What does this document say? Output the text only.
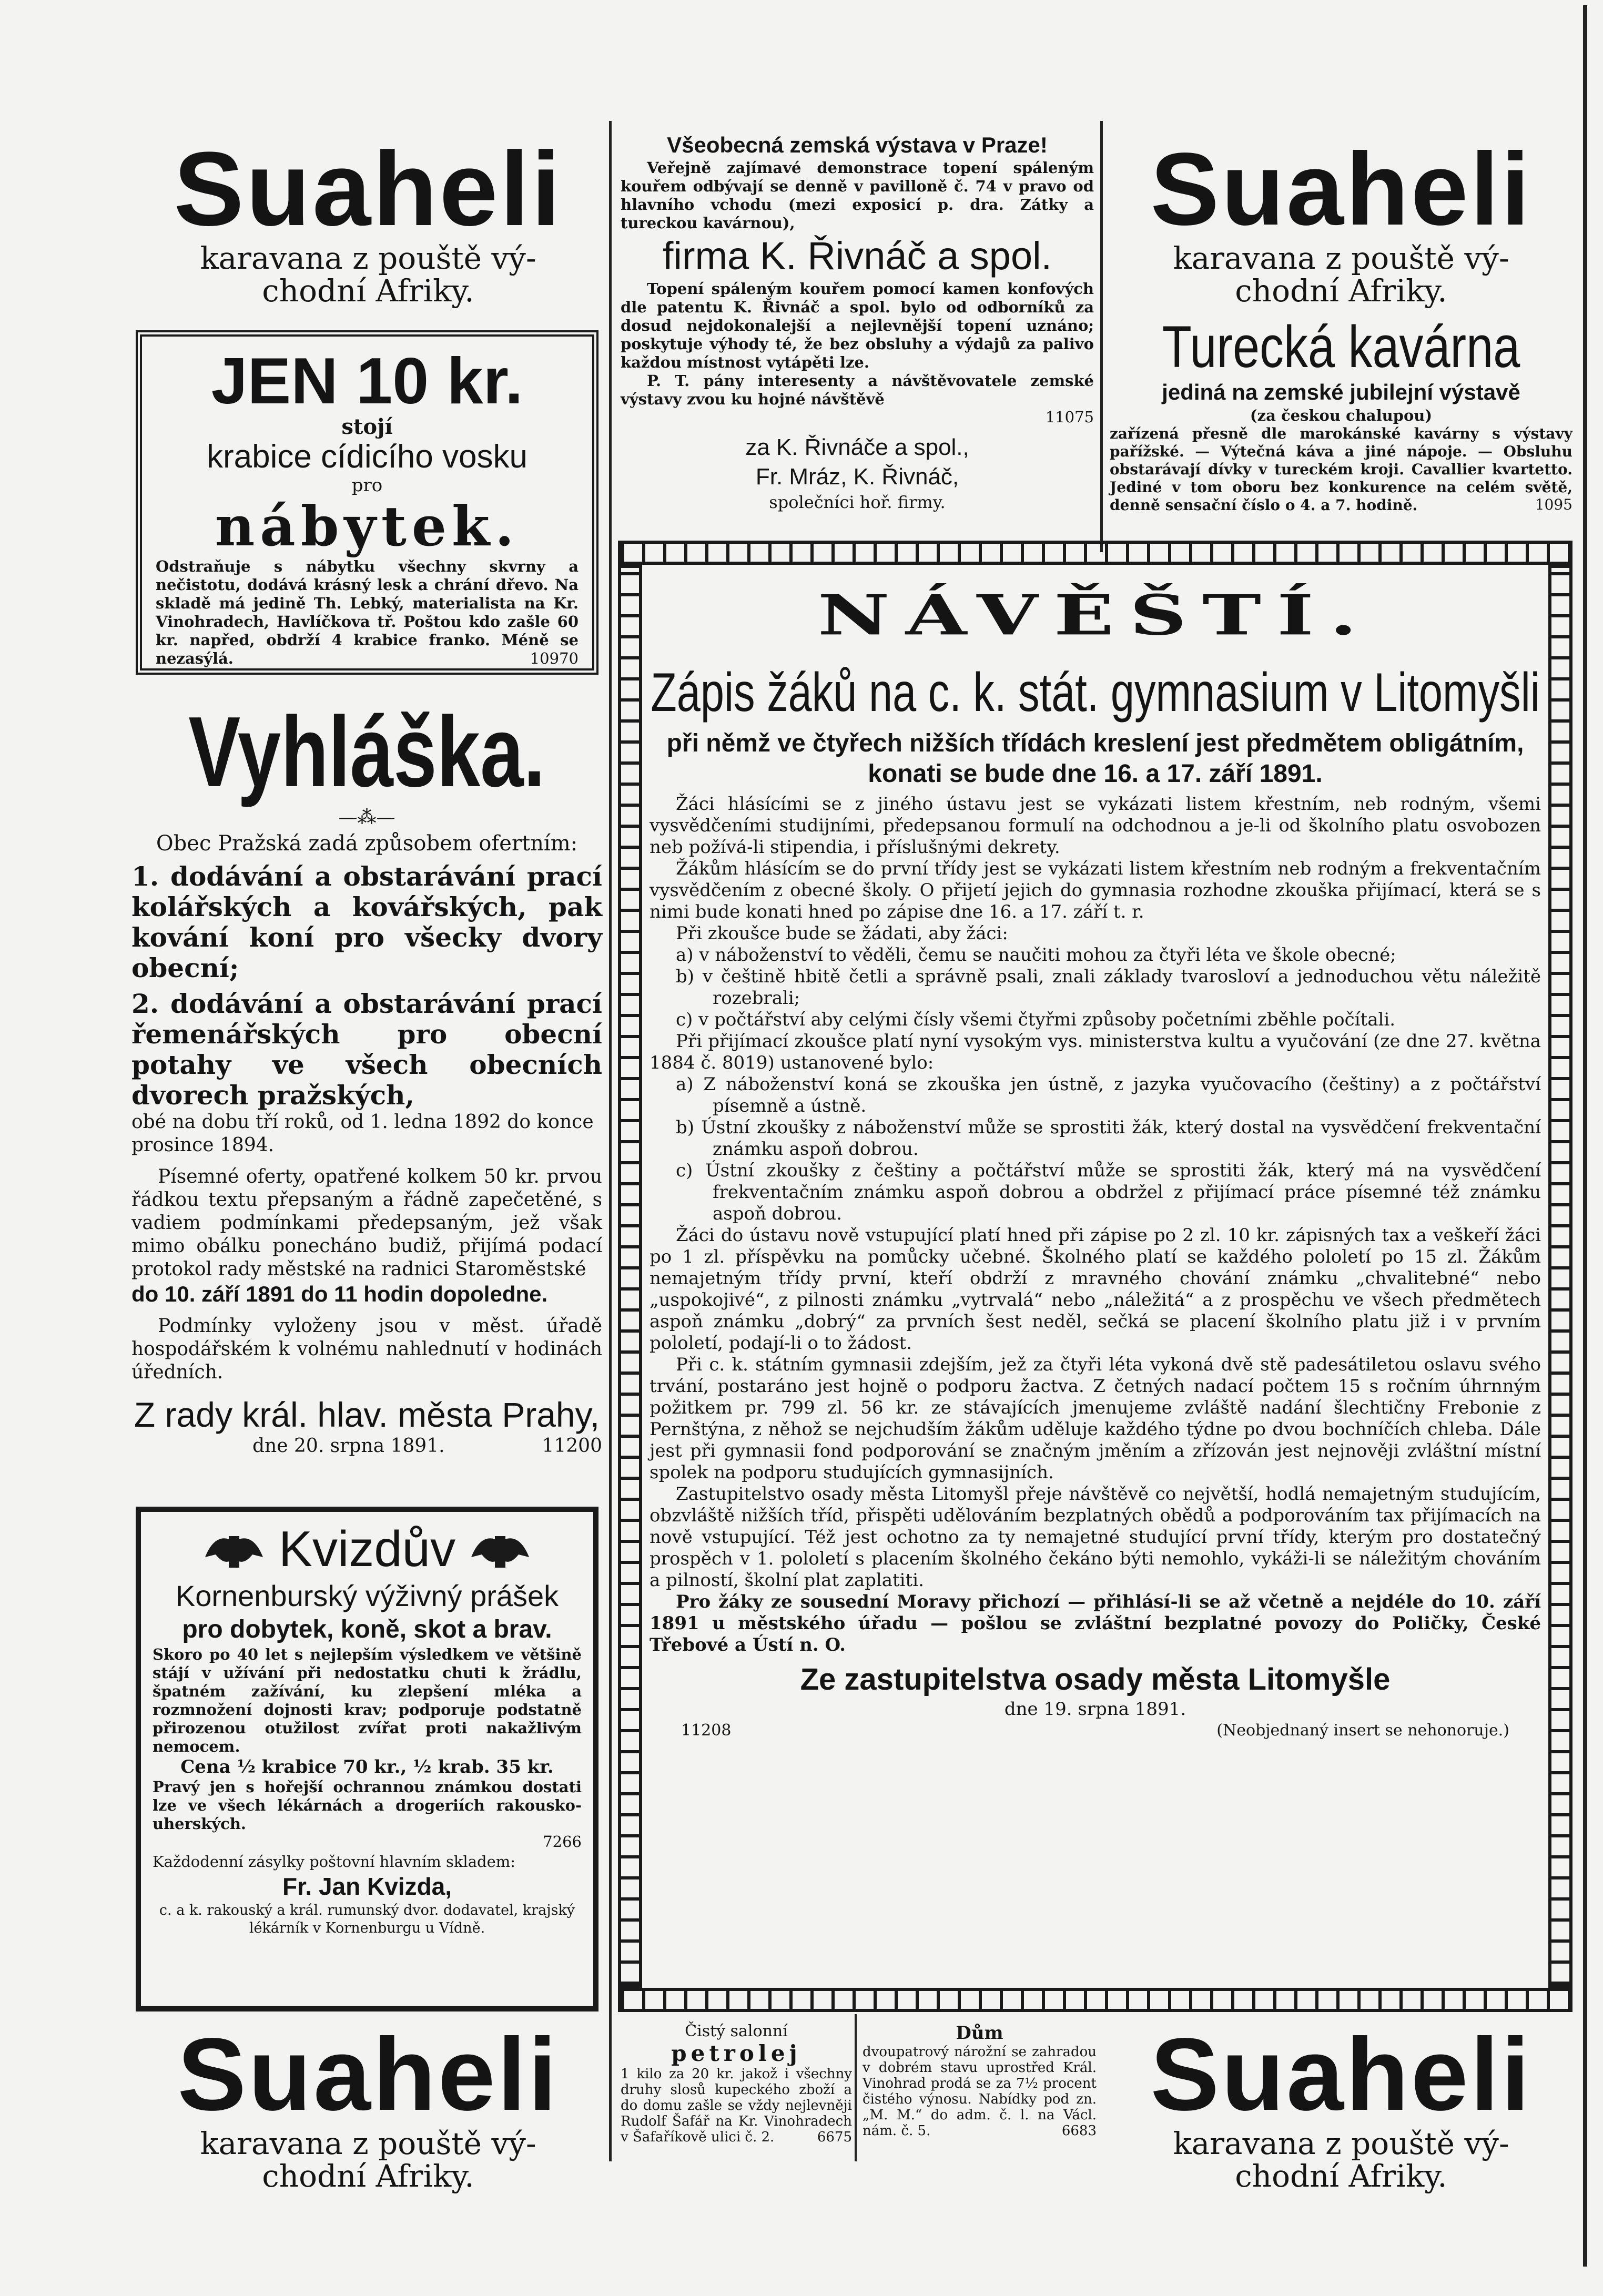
Suaheli
karavana z pouště vý-
chodní Afriky.
JEN 10 kr.
stojí
krabice cídicího vosku
pro
nábytek.
Odstraňuje s nábytku všechny skvrny a nečistotu, dodává krásný lesk a chrání dřevo. Na skladě má jedině Th. Lebký, materialista na Kr. Vinohradech, Havlíčkova tř. Poštou kdo zašle 60 kr. napřed, obdrží 4 krabice franko. Méně se nezasýlá.	10970
Vyhláška.
—⁂—
Obec Pražská zadá způsobem ofertním:
1. dodávání a obstarávání prací kolářských a kovářských, pak kování koní pro všecky dvory obecní;
2. dodávání a obstarávání prací řemenářských pro obecní potahy ve všech obecních dvorech pražských,
obé na dobu tří roků, od 1. ledna 1892 do konce prosince 1894.
Písemné oferty, opatřené kolkem 50 kr. prvou řádkou textu přepsaným a řádně zapečetěné, s vadiem podmínkami předepsaným, jež však mimo obálku ponecháno budiž, přijímá podací protokol rady městské na radnici Staroměstské
do 10. září 1891 do 11 hodin dopoledne.
Podmínky vyloženy jsou v měst. úřadě hospodářském k volnému nahlednutí v hodinách úředních.
Z rady král. hlav. města Prahy,
dne 20. srpna 1891.	11200
Kvizdův
Kornenburský výživný prášek
pro dobytek, koně, skot a brav.
Skoro po 40 let s nejlepším výsledkem ve většině stájí v užívání při nedostatku chuti k žrádlu, špatném zažívání, ku zlepšení mléka a rozmnožení dojnosti krav; podporuje podstatně přirozenou otužilost zvířat proti nakažlivým nemocem.
Cena ½ krabice 70 kr., ½ krab. 35 kr.
Pravý jen s hořejší ochrannou známkou dostati lze ve všech lékárnách a drogeriích rakousko-uherských.
7266
Každodenní zásylky poštovní hlavním skladem:
Fr. Jan Kvizda,
c. a k. rakouský a král. rumunský dvor. dodavatel, krajský lékárník v Kornenburgu u Vídně.
Suaheli
karavana z pouště vý-
chodní Afriky.
Všeobecná zemská výstava v Praze!
Veřejně zajímavé demonstrace topení spáleným kouřem odbývají se denně v pavilloně č. 74 v pravo od hlavního vchodu (mezi exposicí p. dra. Zátky a tureckou kavárnou),
firma K. Řivnáč a spol.
Topení spáleným kouřem pomocí kamen konfových dle patentu K. Řivnáč a spol. bylo od odborníků za dosud nejdokonalejší a nejlevnější topení uznáno; poskytuje výhody té, že bez obsluhy a výdajů za palivo každou místnost vytápěti lze.
P. T. pány interesenty a návštěvovatele zemské výstavy zvou ku hojné návštěvě
11075
za K. Řivnáče a spol.,
Fr. Mráz, K. Řivnáč,
společníci hoř. firmy.
Suaheli
karavana z pouště vý-
chodní Afriky.
Turecká kavárna
jediná na zemské jubilejní výstavě
(za českou chalupou)
zařízená přesně dle marokánské kavárny s výstavy pařížské. — Výtečná káva a jiné nápoje. — Obsluhu obstarávají dívky v tureckém kroji. Cavallier kvartetto. Jediné v tom oboru bez konkurence na celém světě, denně sensační číslo o 4. a 7. hodině.	1095
NÁVĚŠTÍ.
Zápis žáků na c. k. stát. gymnasium v Litomyšli
při němž ve čtyřech nižších třídách kreslení jest předmětem obligátním, konati se bude dne 16. a 17. září 1891.
Žáci hlásícími se z jiného ústavu jest se vykázati listem křestním, neb rodným, všemi vysvědčeními studijními, předepsanou formulí na odchodnou a je-li od školního platu osvobozen neb požívá-li stipendia, i příslušnými dekrety.
Žákům hlásícím se do první třídy jest se vykázati listem křestním neb rodným a frekventačním vysvědčením z obecné školy. O přijetí jejich do gymnasia rozhodne zkouška přijímací, která se s nimi bude konati hned po zápise dne 16. a 17. září t. r.
Při zkoušce bude se žádati, aby žáci:
a) v náboženství to věděli, čemu se naučiti mohou za čtyři léta ve škole obecné;
b) v češtině hbitě četli a správně psali, znali základy tvarosloví a jednoduchou větu náležitě rozebrali;
c) v počtářství aby celými čísly všemi čtyřmi způsoby početními zběhle počítali.
Při přijímací zkoušce platí nyní vysokým vys. ministerstva kultu a vyučování (ze dne 27. května 1884 č. 8019) ustanovené bylo:
a) Z náboženství koná se zkouška jen ústně, z jazyka vyučovacího (češtiny) a z počtářství písemně a ústně.
b) Ústní zkoušky z náboženství může se sprostiti žák, který dostal na vysvědčení frekventační známku aspoň dobrou.
c) Ústní zkoušky z češtiny a počtářství může se sprostiti žák, který má na vysvědčení frekventačním známku aspoň dobrou a obdržel z přijímací práce písemné též známku aspoň dobrou.
Žáci do ústavu nově vstupující platí hned při zápise po 2 zl. 10 kr. zápisných tax a veškeří žáci po 1 zl. příspěvku na pomůcky učebné. Školného platí se každého pololetí po 15 zl. Žákům nemajetným třídy první, kteří obdrží z mravného chování známku „chvalitebné“ nebo „uspokojivé“, z pilnosti známku „vytrvalá“ nebo „náležitá“ a z prospěchu ve všech předmětech aspoň známku „dobrý“ za prvních šest neděl, sečká se placení školního platu již i v prvním pololetí, podají-li o to žádost.
Při c. k. státním gymnasii zdejším, jež za čtyři léta vykoná dvě stě padesátiletou oslavu svého trvání, postaráno jest hojně o podporu žactva. Z četných nadací počtem 15 s ročním úhrnným požitkem pr. 799 zl. 56 kr. ze stávajících jmenujeme zvláště nadání šlechtičny Frebonie z Pernštýna, z něhož se nejchudším žákům uděluje každého týdne po dvou bochníčích chleba. Dále jest při gymnasii fond podporování se značným jměním a zřízován jest nejnověji zvláštní místní spolek na podporu studujících gymnasijních.
Zastupitelstvo osady města Litomyšl přeje návštěvě co největší, hodlá nemajetným studujícím, obzvláště nižších tříd, přispěti udělováním bezplatných obědů a podporováním tax přijímacích na nově vstupující. Též jest ochotno za ty nemajetné studující první třídy, kterým pro dostatečný prospěch v 1. pololetí s placením školného čekáno býti nemohlo, vykáži-li se náležitým chováním a pilností, školní plat zaplatiti.
Pro žáky ze sousední Moravy přichozí — přihlásí-li se až včetně a nejdéle do 10. září 1891 u městského úřadu — pošlou se zvláštní bezplatné povozy do Poličky, České Třebové a Ústí n. O.
Ze zastupitelstva osady města Litomyšle
dne 19. srpna 1891.
11208	(Neobjednaný insert se nehonoruje.)
Čistý salonní
petrolej
1 kilo za 20 kr. jakož i všechny druhy slosů kupeckého zboží a do domu zašle se vždy nejlevněji Rudolf Šafář na Kr. Vinohradech v Šafaříkově ulici č. 2.	6675
Dům
dvoupatrový nárožní se zahradou v dobrém stavu uprostřed Král. Vinohrad prodá se za 7½ procent čistého výnosu. Nabídky pod zn. „M. M.“ do adm. č. l. na Václ. nám. č. 5.	6683 Suaheli
karavana z pouště vý-
chodní Afriky.
